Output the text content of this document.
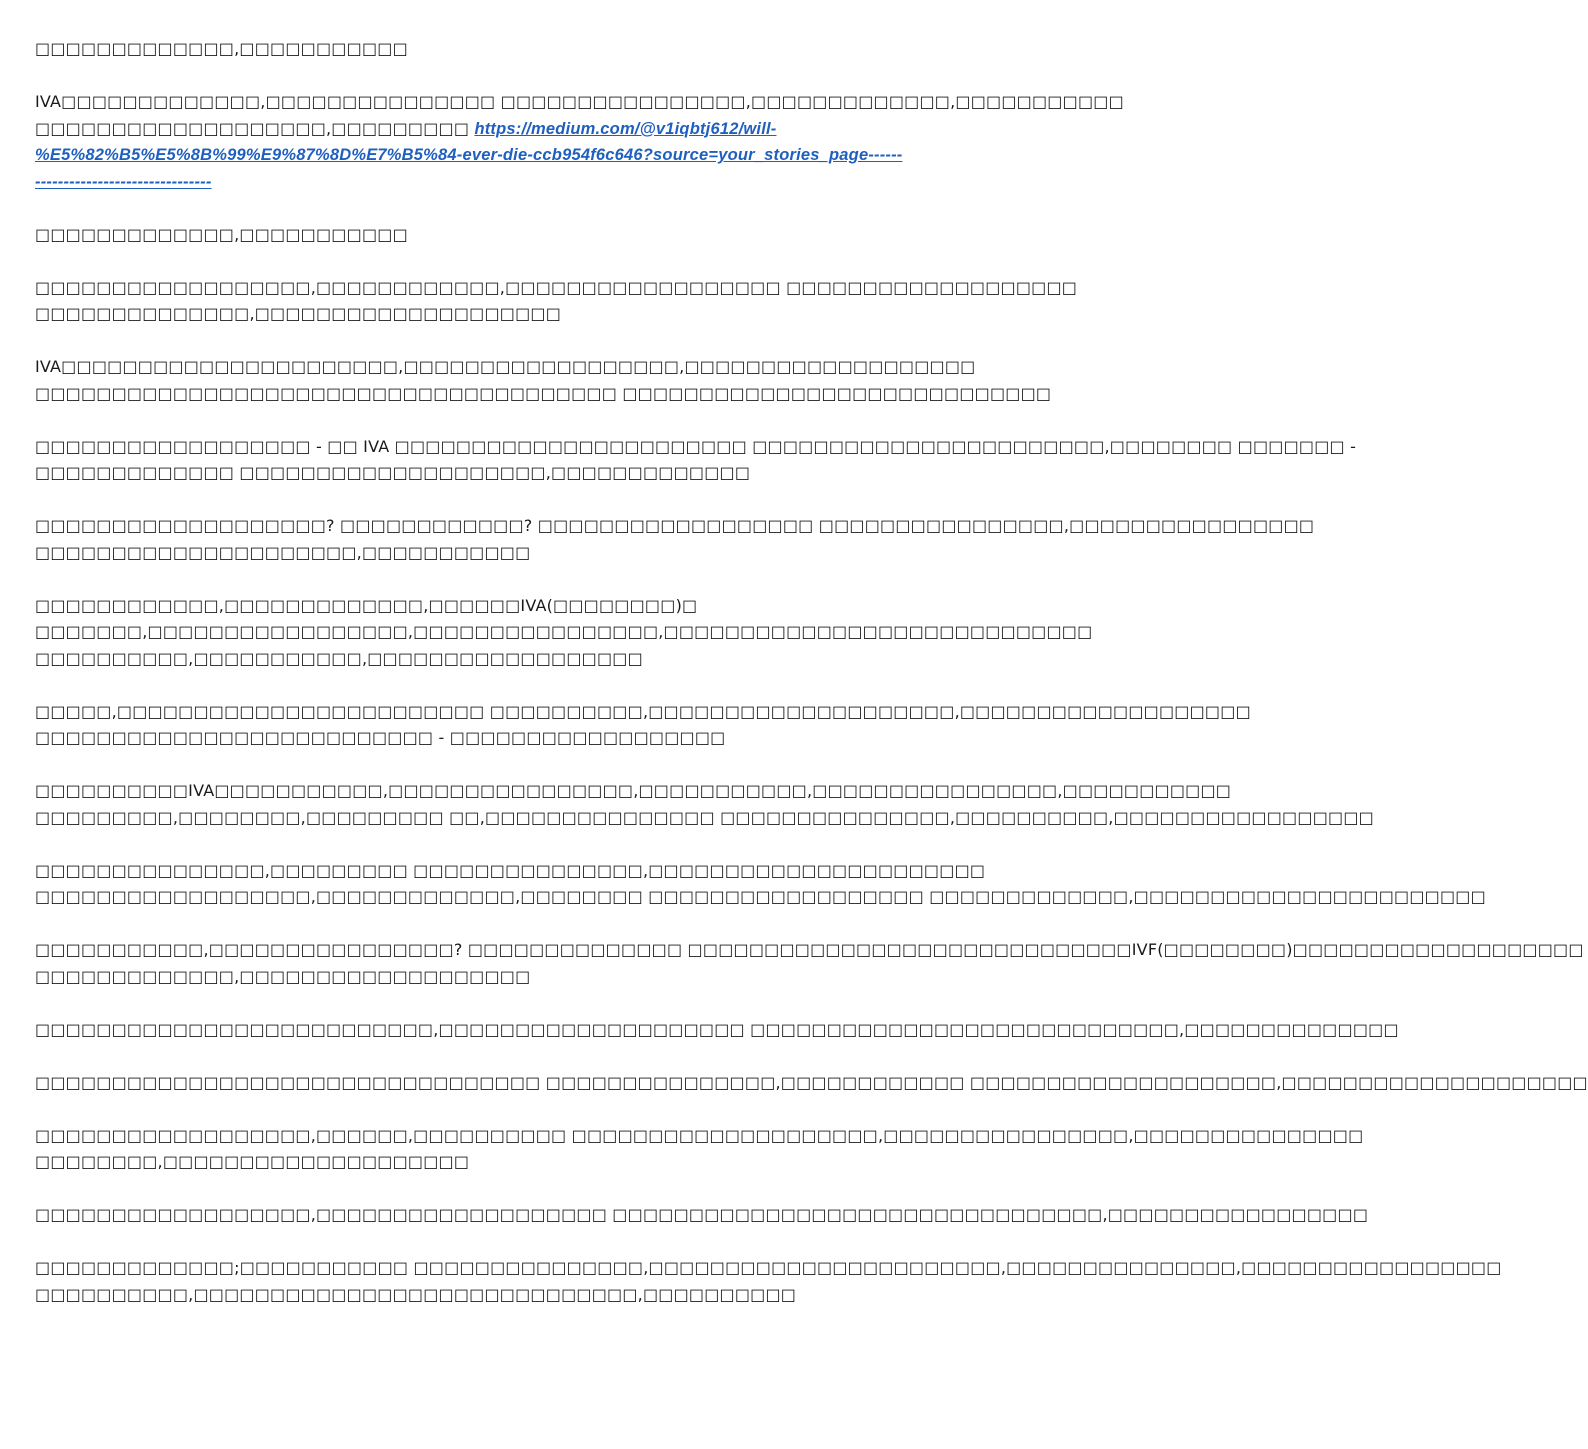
□□□□□□□□□□□□□,□□□□□□□□□□□
IVA□□□□□□□□□□□□□,□□□□□□□□□□□□□□□ □□□□□□□□□□□□□□□□,□□□□□□□□□□□□□,□□□□□□□□□□□
□□□□□□□□□□□□□□□□□□□,□□□□□□□□□ https://medium.com/@v1iqbtj612/will-
%E5%82%B5%E5%8B%99%E9%87%8D%E7%B5%84-ever-die-ccb954f6c646?source=your_stories_page------
-------------------------------
□□□□□□□□□□□□□,□□□□□□□□□□□
□□□□□□□□□□□□□□□□□□,□□□□□□□□□□□□,□□□□□□□□□□□□□□□□□□ □□□□□□□□□□□□□□□□□□□
□□□□□□□□□□□□□□,□□□□□□□□□□□□□□□□□□□□
IVA□□□□□□□□□□□□□□□□□□□□□□,□□□□□□□□□□□□□□□□□□,□□□□□□□□□□□□□□□□□□□
□□□□□□□□□□□□□□□□□□□□□□□□□□□□□□□□□□□□□□ □□□□□□□□□□□□□□□□□□□□□□□□□□□□
□□□□□□□□□□□□□□□□□□ - □□ IVA □□□□□□□□□□□□□□□□□□□□□□□ □□□□□□□□□□□□□□□□□□□□□□□,□□□□□□□□ □□□□□□□ -
□□□□□□□□□□□□□ □□□□□□□□□□□□□□□□□□□□,□□□□□□□□□□□□□
□□□□□□□□□□□□□□□□□□□? □□□□□□□□□□□□? □□□□□□□□□□□□□□□□□□ □□□□□□□□□□□□□□□□,□□□□□□□□□□□□□□□□
□□□□□□□□□□□□□□□□□□□□□,□□□□□□□□□□□
□□□□□□□□□□□□,□□□□□□□□□□□□□,□□□□□□IVA(□□□□□□□□)□
□□□□□□□,□□□□□□□□□□□□□□□□□,□□□□□□□□□□□□□□□□,□□□□□□□□□□□□□□□□□□□□□□□□□□□□
□□□□□□□□□□,□□□□□□□□□□□,□□□□□□□□□□□□□□□□□□
□□□□□,□□□□□□□□□□□□□□□□□□□□□□□□ □□□□□□□□□□,□□□□□□□□□□□□□□□□□□□□,□□□□□□□□□□□□□□□□□□□
□□□□□□□□□□□□□□□□□□□□□□□□□□ - □□□□□□□□□□□□□□□□□□
□□□□□□□□□□IVA□□□□□□□□□□□,□□□□□□□□□□□□□□□□,□□□□□□□□□□□,□□□□□□□□□□□□□□□□,□□□□□□□□□□□
□□□□□□□□□,□□□□□□□□,□□□□□□□□□ □□,□□□□□□□□□□□□□□□ □□□□□□□□□□□□□□□,□□□□□□□□□□,□□□□□□□□□□□□□□□□□
□□□□□□□□□□□□□□□,□□□□□□□□□ □□□□□□□□□□□□□□□,□□□□□□□□□□□□□□□□□□□□□□
□□□□□□□□□□□□□□□□□□,□□□□□□□□□□□□□,□□□□□□□□ □□□□□□□□□□□□□□□□□□ □□□□□□□□□□□□□,□□□□□□□□□□□□□□□□□□□□□□□
□□□□□□□□□□□,□□□□□□□□□□□□□□□□? □□□□□□□□□□□□□□ □□□□□□□□□□□□□□□□□□□□□□□□□□□□□IVF(□□□□□□□□)□□□□□□□□□□□□□□□□□□□
□□□□□□□□□□□□□,□□□□□□□□□□□□□□□□□□□
□□□□□□□□□□□□□□□□□□□□□□□□□□,□□□□□□□□□□□□□□□□□□□□ □□□□□□□□□□□□□□□□□□□□□□□□□□□□,□□□□□□□□□□□□□□
□□□□□□□□□□□□□□□□□□□□□□□□□□□□□□□□□ □□□□□□□□□□□□□□□,□□□□□□□□□□□□ □□□□□□□□□□□□□□□□□□□□,□□□□□□□□□□□□□□□□□□□□
□□□□□□□□□□□□□□□□□□,□□□□□□,□□□□□□□□□□ □□□□□□□□□□□□□□□□□□□□,□□□□□□□□□□□□□□□□,□□□□□□□□□□□□□□□
□□□□□□□□,□□□□□□□□□□□□□□□□□□□□
□□□□□□□□□□□□□□□□□□,□□□□□□□□□□□□□□□□□□□ □□□□□□□□□□□□□□□□□□□□□□□□□□□□□□□□,□□□□□□□□□□□□□□□□□
□□□□□□□□□□□□□;□□□□□□□□□□□ □□□□□□□□□□□□□□□,□□□□□□□□□□□□□□□□□□□□□□□,□□□□□□□□□□□□□□□,□□□□□□□□□□□□□□□□□
□□□□□□□□□□,□□□□□□□□□□□□□□□□□□□□□□□□□□□□□,□□□□□□□□□□
